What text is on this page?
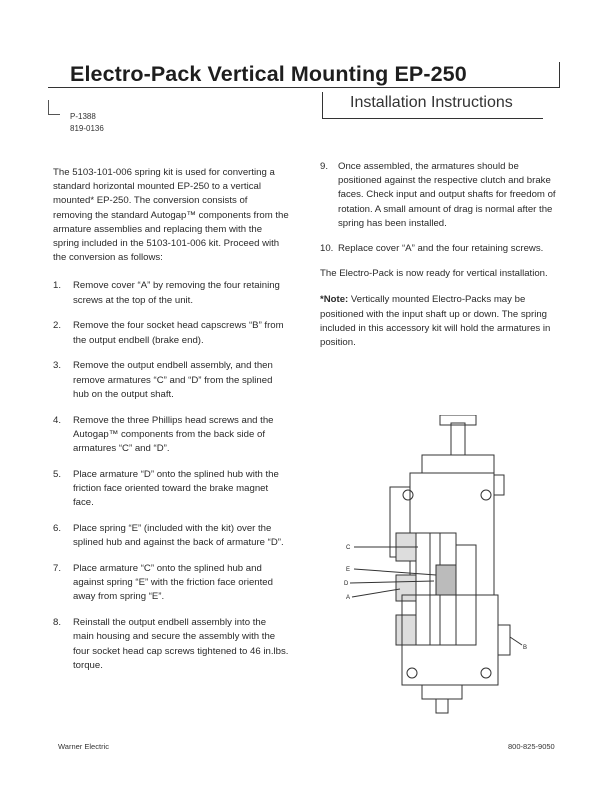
Electro-Pack Vertical Mounting EP-250
Installation Instructions
P-1388
819-0136

The 5103-101-006 spring kit is used for converting a standard horizontal mounted EP-250 to a vertical mounted* EP-250. The conversion consists of removing the standard Autogap™ components from the armature assemblies and replacing them with the spring included in the 5103-101-006 kit. Proceed with the conversion as follows:

1.	Remove cover “A” by removing the four retaining screws at the top of the unit.
2.	Remove the four socket head capscrews “B” from the output endbell (brake end).
3.	Remove the output endbell assembly, and then remove armatures “C” and “D” from the splined hub on the output shaft.
4.	Remove the three Phillips head screws and the Autogap™ components from the back side of armatures “C” and “D”.
5.	Place armature “D” onto the splined hub with the friction face oriented toward the brake magnet face.
6.	Place spring “E” (included with the kit) over the splined hub and against the back of armature “D”.
7.	Place armature “C” onto the splined hub and against spring “E” with the friction face oriented away from spring “E”.
8.	Reinstall the output endbell assembly into the main housing and secure the assembly with the four socket head cap screws tightened to 46 in.lbs. torque.
9.	Once assembled, the armatures should be positioned against the respective clutch and brake faces. Check input and output shafts for freedom of rotation. A small amount of drag is normal after the spring has been installed.
10. Replace cover “A” and the four retaining screws.

The Electro-Pack is now ready for vertical installation.

*Note: Vertically mounted Electro-Packs may be positioned with the input shaft up or down. The spring included in this accessory kit will hold the armatures in position.

C
E
D
A
B
Warner Electric	800-825-9050
